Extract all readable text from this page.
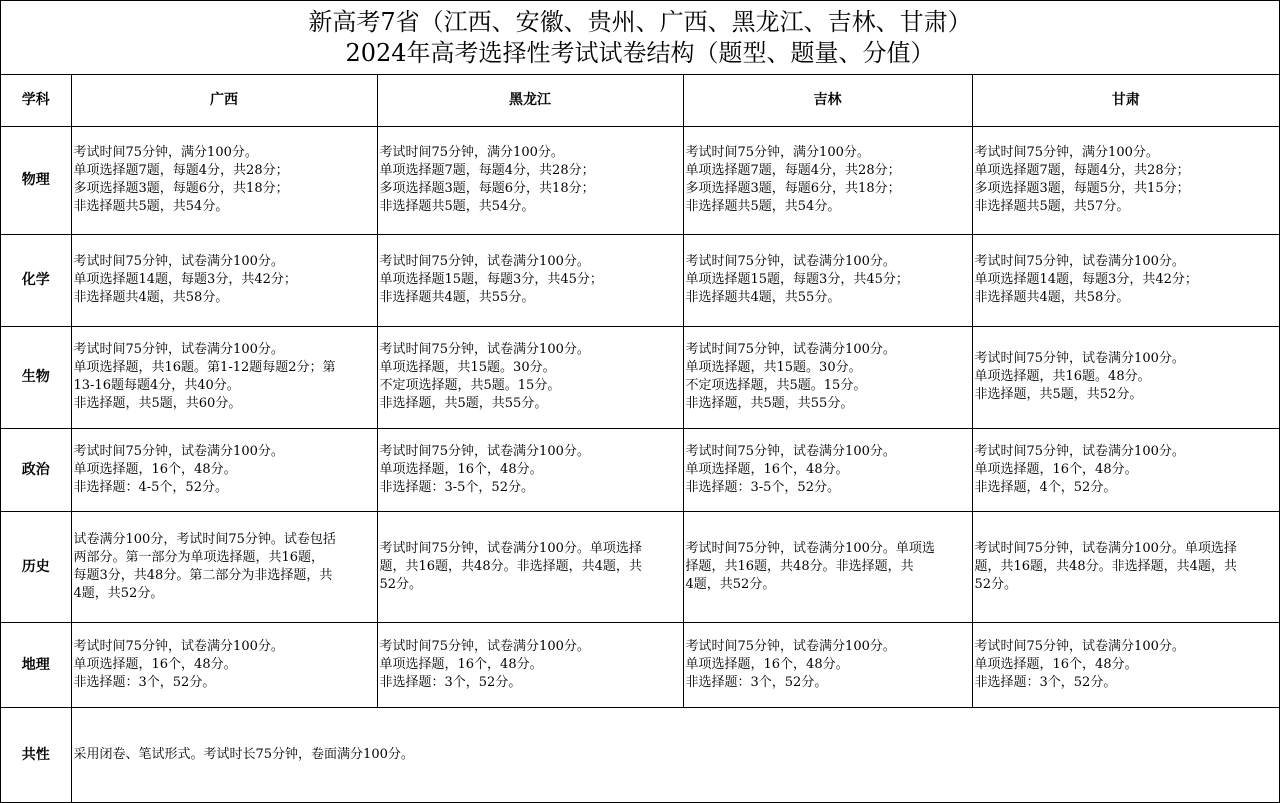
新高考7省（江西、安徽、贵州、广西、黑龙江、吉林、甘肃）
2024年高考选择性考试试卷结构（题型、题量、分值）
学科	广西	黑龙江	吉林	甘肃
物理	考试时间75分钟，满分100分。
单项选择题7题，每题4分，共28分；
多项选择题3题，每题6分，共18分；
非选择题共5题，共54分。	考试时间75分钟，满分100分。
单项选择题7题，每题4分，共28分；
多项选择题3题，每题6分，共18分；
非选择题共5题，共54分。	考试时间75分钟，满分100分。
单项选择题7题，每题4分，共28分；
多项选择题3题，每题6分，共18分；
非选择题共5题，共54分。	考试时间75分钟，满分100分。
单项选择题7题，每题4分，共28分；
多项选择题3题，每题5分，共15分；
非选择题共5题，共57分。

化学	考试时间75分钟，试卷满分100分。
单项选择题14题，每题3分，共42分；
非选择题共4题，共58分。	考试时间75分钟，试卷满分100分。
单项选择题15题，每题3分，共45分；
非选择题共4题，共55分。	考试时间75分钟，试卷满分100分。
单项选择题15题，每题3分，共45分；
非选择题共4题，共55分。	考试时间75分钟，试卷满分100分。
单项选择题14题，每题3分，共42分；
非选择题共4题，共58分。

生物	考试时间75分钟，试卷满分100分。
单项选择题，共16题。第1-12题每题2分；第
13-16题每题4分，共40分。
非选择题，共5题，共60分。	考试时间75分钟，试卷满分100分。
单项选择题，共15题。30分。
不定项选择题，共5题。15分。
非选择题，共5题，共55分。	考试时间75分钟，试卷满分100分。
单项选择题，共15题。30分。
不定项选择题，共5题。15分。
非选择题，共5题，共55分。	考试时间75分钟，试卷满分100分。
单项选择题，共16题。48分。
非选择题，共5题，共52分。

政治	考试时间75分钟，试卷满分100分。
单项选择题，16个，48分。
非选择题：4-5个，52分。	考试时间75分钟，试卷满分100分。
单项选择题，16个，48分。
非选择题：3-5个，52分。	考试时间75分钟，试卷满分100分。
单项选择题，16个，48分。
非选择题：3-5个，52分。	考试时间75分钟，试卷满分100分。
单项选择题，16个，48分。
非选择题，4个，52分。

历史	试卷满分100分，考试时间75分钟。试卷包括
两部分。第一部分为单项选择题，共16题，
每题3分，共48分。第二部分为非选择题，共
4题，共52分。	考试时间75分钟，试卷满分100分。单项选择
题，共16题，共48分。非选择题，共4题，共
52分。	考试时间75分钟，试卷满分100分。单项选
择题，共16题，共48分。非选择题，共
4题，共52分。	考试时间75分钟，试卷满分100分。单项选择
题，共16题，共48分。非选择题，共4题，共
52分。

地理	考试时间75分钟，试卷满分100分。
单项选择题，16个，48分。
非选择题：3个，52分。	考试时间75分钟，试卷满分100分。
单项选择题，16个，48分。
非选择题：3个，52分。	考试时间75分钟，试卷满分100分。
单项选择题，16个，48分。
非选择题：3个，52分。	考试时间75分钟，试卷满分100分。
单项选择题，16个，48分。
非选择题：3个，52分。

共性	采用闭卷、笔试形式。考试时长75分钟，卷面满分100分。			
